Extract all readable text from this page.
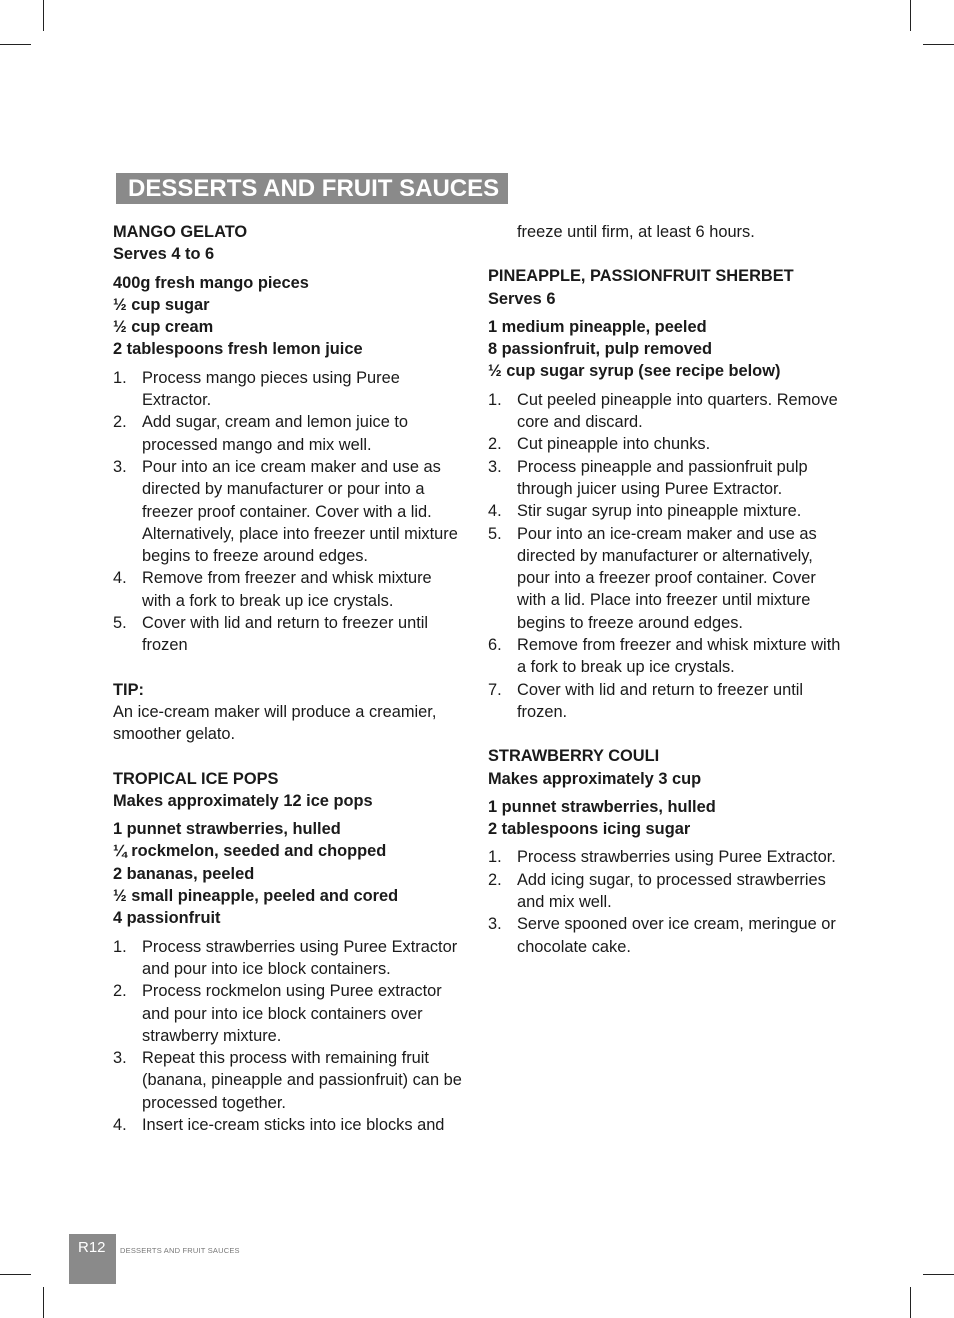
DESSERTS AND FRUIT SAUCES
MANGO GELATO
Serves 4 to 6
400g fresh mango pieces
½ cup sugar
½ cup cream
2 tablespoons fresh lemon juice
1. Process mango pieces using Puree Extractor.
2. Add sugar, cream and lemon juice to processed mango and mix well.
3. Pour into an ice cream maker and use as directed by manufacturer or pour into a freezer proof container. Cover with a lid. Alternatively, place into freezer until mixture begins to freeze around edges.
4. Remove from freezer and whisk mixture with a fork to break up ice crystals.
5. Cover with lid and return to freezer until frozen
TIP:
An ice-cream maker will produce a creamier, smoother gelato.
TROPICAL ICE POPS
Makes approximately 12 ice pops
1 punnet strawberries, hulled
¼ rockmelon, seeded and chopped
2 bananas, peeled
½ small pineapple, peeled and cored
4 passionfruit
1. Process strawberries using Puree Extractor and pour into ice block containers.
2. Process rockmelon using Puree extractor and pour into ice block containers over strawberry mixture.
3. Repeat this process with remaining fruit (banana, pineapple and passionfruit) can be processed together.
4. Insert ice-cream sticks into ice blocks and
freeze until firm, at least 6 hours.
PINEAPPLE, PASSIONFRUIT SHERBET
Serves 6
1 medium pineapple, peeled
8 passionfruit, pulp removed
½ cup sugar syrup (see recipe below)
1. Cut peeled pineapple into quarters. Remove core and discard.
2. Cut pineapple into chunks.
3. Process pineapple and passionfruit pulp through juicer using Puree Extractor.
4. Stir sugar syrup into pineapple mixture.
5. Pour into an ice-cream maker and use as directed by manufacturer or alternatively, pour into a freezer proof container. Cover with a lid. Place into freezer until mixture begins to freeze around edges.
6. Remove from freezer and whisk mixture with a fork to break up ice crystals.
7. Cover with lid and return to freezer until frozen.
STRAWBERRY COULI
Makes approximately 3 cup
1 punnet strawberries, hulled
2 tablespoons icing sugar
1. Process strawberries using Puree Extractor.
2. Add icing sugar, to processed strawberries and mix well.
3. Serve spooned over ice cream, meringue or chocolate cake.
R12	DESSERTS AND FRUIT SAUCES
